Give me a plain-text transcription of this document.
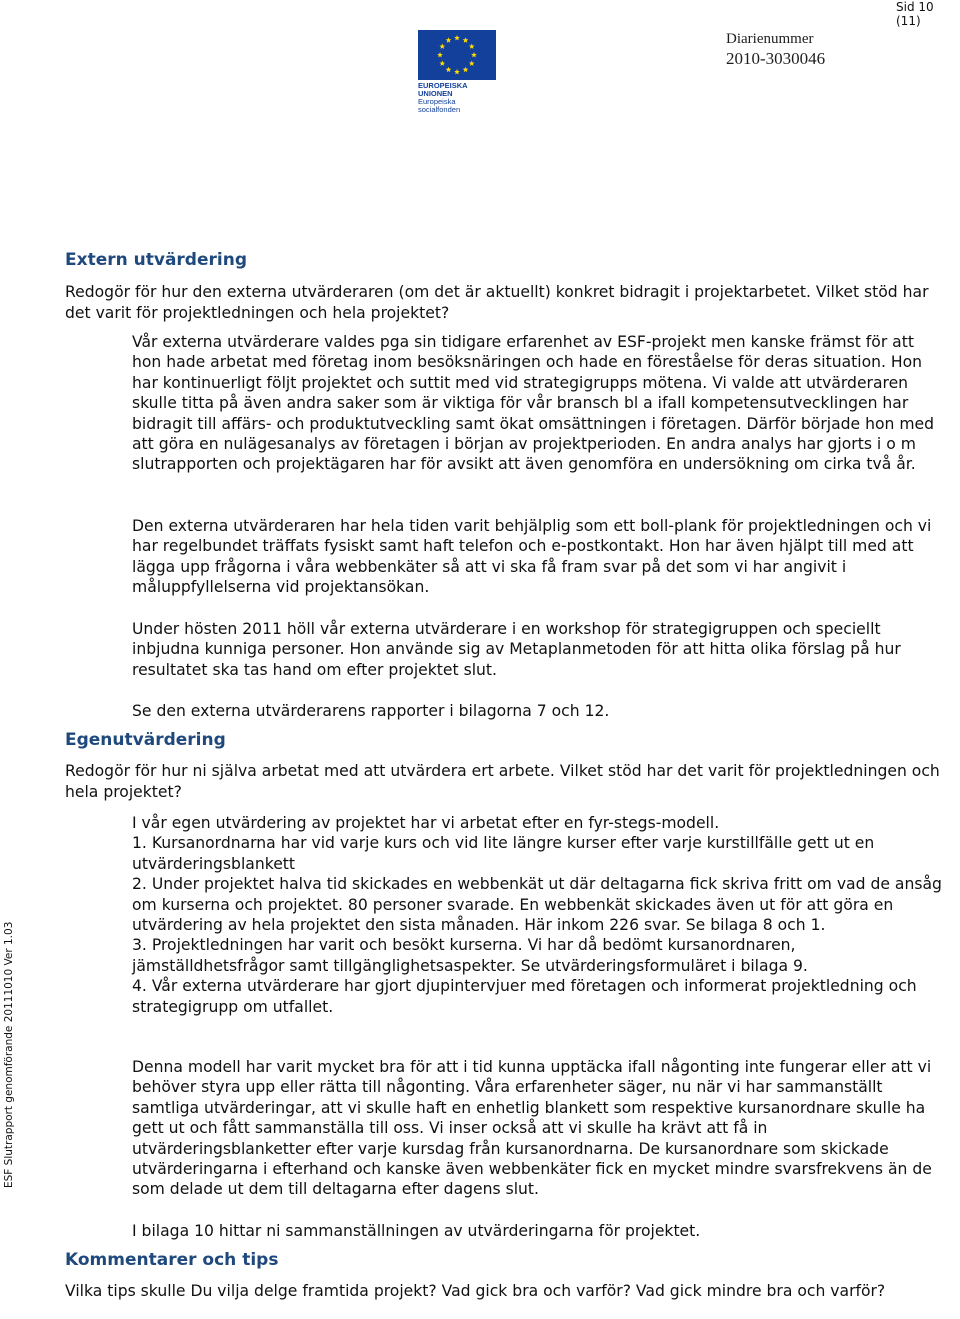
Sid 10 (11)
EUROPEISKA UNIONEN
Europeiska socialfonden
Diarienummer
2010-3030046
ESF Slutrapport genomförande 20111010 Ver 1.03
Extern utvärdering

Redogör för hur den externa utvärderaren (om det är aktuellt) konkret bidragit i projektarbetet. Vilket stöd har det varit för projektledningen och hela projektet?

Vår externa utvärderare valdes pga sin tidigare erfarenhet av ESF-projekt men kanske främst för att hon hade arbetat med företag inom besöksnäringen och hade en föreståelse för deras situation. Hon har kontinuerligt följt projektet och suttit med vid strategigrupps mötena. Vi valde att utvärderaren skulle titta på även andra saker som är viktiga för vår bransch bl a ifall kompetensutvecklingen har bidragit till affärs- och produktutveckling samt ökat omsättningen i företagen. Därför började hon med att göra en nulägesanalys av företagen i början av projektperioden. En andra analys har gjorts i o m slutrapporten och projektägaren har för avsikt att även genomföra en undersökning om cirka två år.

Den externa utvärderaren har hela tiden varit behjälplig som ett boll-plank för projektledningen och vi har regelbundet träffats fysiskt samt haft telefon och e-postkontakt. Hon har även hjälpt till med att lägga upp frågorna i våra webbenkäter så att vi ska få fram svar på det som vi har angivit i måluppfyllelserna vid projektansökan.

Under hösten 2011 höll vår externa utvärderare i en workshop för strategigruppen och speciellt inbjudna kunniga personer. Hon använde sig av Metaplanmetoden för att hitta olika förslag på hur resultatet ska tas hand om efter projektet slut.

Se den externa utvärderarens rapporter i bilagorna 7 och 12.

Egenutvärdering

Redogör för hur ni själva arbetat med att utvärdera ert arbete. Vilket stöd har det varit för projektledningen och hela projektet?

I vår egen utvärdering av projektet har vi arbetat efter en fyr-stegs-modell.

1. Kursanordnarna har vid varje kurs och vid lite längre kurser efter varje kurstillfälle gett ut en utvärderingsblankett

2. Under projektet halva tid skickades en webbenkät ut där deltagarna fick skriva fritt om vad de ansåg om kurserna och projektet. 80 personer svarade. En webbenkät skickades även ut för att göra en utvärdering av hela projektet den sista månaden. Här inkom 226 svar. Se bilaga 8 och 1.

3. Projektledningen har varit och besökt kurserna. Vi har då bedömt kursanordnaren, jämställdhetsfrågor samt tillgänglighetsaspekter. Se utvärderingsformuläret i bilaga 9.

4. Vår externa utvärderare har gjort djupintervjuer med företagen och informerat projektledning och strategigrupp om utfallet.

Denna modell har varit mycket bra för att i tid kunna upptäcka ifall någonting inte fungerar eller att vi behöver styra upp eller rätta till någonting. Våra erfarenheter säger, nu när vi har sammanställt samtliga utvärderingar, att vi skulle haft en enhetlig blankett som respektive kursanordnare skulle ha gett ut och fått sammanställa till oss. Vi inser också att vi skulle ha krävt att få in utvärderingsblanketter efter varje kursdag från kursanordnarna. De kursanordnare som skickade utvärderingarna i efterhand och kanske även webbenkäter fick en mycket mindre svarsfrekvens än de som delade ut dem till deltagarna efter dagens slut.

I bilaga 10 hittar ni sammanställningen av utvärderingarna för projektet.

Kommentarer och tips

Vilka tips skulle Du vilja delge framtida projekt? Vad gick bra och varför? Vad gick mindre bra och varför?
